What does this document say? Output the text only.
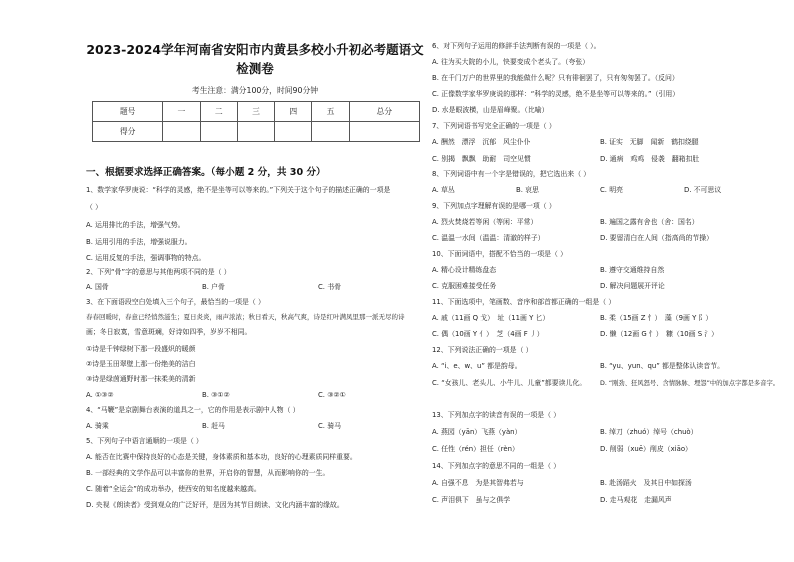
2023-2024学年河南省安阳市内黄县多校小升初必考题语文
检测卷
考生注意：满分100分，时间90分钟
题号	一	二	三	四	五	总分
得分						
一、根据要求选择正确答案。（每小题 2 分，共 30 分）
1、数学家华罗庚说：“科学的灵感，绝不是坐等可以等来的。”下列关于这个句子的描述正确的一项是
（ ）
A. 运用排比的手法，增强气势。
B. 运用引用的手法，增强说服力。
C. 运用反复的手法，强调事物的特点。
2、下列“骨”字的意思与其他两项不同的是（ ）
A. 国骨	B. 户骨	C. 书骨
3、在下面语段空白处填入三个句子，最恰当的一项是（ ）
春春回暖时，春意已经悄然滋生；夏日炎炎，雨声浓浓；秋日看天，秋高气爽，诗是红叶满凤里那一派无尽的诗
画；冬日寂寞，雪意斑斓，好诗如四季，岁岁不相同。
①诗是千钟绿树下那一段盛炽的暖颜
②诗是玉田翠壁上那一份绝美的洁白
③诗是绿茵通野时那一抹柔美的清新
A. ①③②	B. ③①②	C. ③②①
4、“马鞭”是京剧舞台表演的道具之一，它的作用是表示剧中人物（ ）
A. 骑乘	B. 赶马	C. 骑马
5、下列句子中语言通顺的一项是（ ）
A. 能否在比赛中保持良好的心态是关键，身体素质和基本功，良好的心理素质同样重要。
B. 一部经典的文学作品可以丰富你的世界，开启你的智慧，从而影响你的一生。
C. 随着“全运会”的成功举办，使西安的知名度越来越高。
D. 央视《朗读者》受到观众的广泛好评，是因为其节目朗读、文化内涵丰富的缘故。
6、对下列句子运用的修辞手法判断有误的一项是（ ）。
A. 往为买大院的小儿，快要变成个老头了。（夸张）
B. 在千门万户的世界里的我能做什么呢？只有徘徊罢了，只有匆匆罢了。（反问）
C. 正像数学家华罗庚说的那样：“科学的灵感，绝不是坐等可以等来的。”（引用）
D. 水是眼波横，山是眉峰聚。（比喻）
7、下列词语书写完全正确的一项是（ ）
A. 酬然　漂浮　沉郁　风尘仆仆	B. 证实　无脚　闻新　鹤扣绕腿
C. 别揭　飘飘　助耐　司空见惯	D. 通病　鸡鸡　侵袭　翻箱扣肚
8、下列词语中有一个字是错误的，把它选出来（ ）
A. 草丛	B. 哀思	C. 明亮	D. 不可思议
9、下列加点字理解有误的是哪一项（ ）
A. 烈火焚烧若等闲（等闲：平常）	B. 遍国之露有舍也（舍：国名）
C. 温温一水间（温温：清澈的样子）	D. 要留清白在人间（指高尚的节操）
10、下面词语中，搭配不恰当的一项是（ ）
A. 精心设计精练盘态	B. 遵守交通维持自然
C. 克服困难接受任务	D. 解决问题展开评论
11、下面选项中，笔画数、音序和部首都正确的一组是（ ）
A. 戚（11画 Q 戈）　址（11画 Y 匕）	B. 柔（15画 Z 忄）　藻（9画 Y 阝）
C. 偶（10画 Y 亻）　芝（4画 F 丿）	D. 懒（12画 G 忄）　糠（10画 S 氵）
12、下列说法正确的一项是（ ）
A. “i、e、w、u” 都是韵母。	B. “yu、yun、qu” 都是整体认读音节。
C. “女孩儿、老头儿、小牛儿、儿童”都要读儿化。 D. “刚劲、狂风怒号、含情脉脉、埋怨”中的加点字都是多音字。
13、下列加点字的读音有误的一项是（ ）
A. 燕园（yān）飞燕（yàn）	B. 绰刀（zhuó）绰号（chuò）
C. 任性（rén）担任（rèn）	D. 削弱（xuē）削皮（xiāo）
14、下列加点字的意思不同的一组是（ ）
A. 自强不息　为是其智弗若与	B. 赴汤蹈火　及其日中如探汤
C. 声泪俱下　虽与之俱学	D. 走马观花　走漏风声
